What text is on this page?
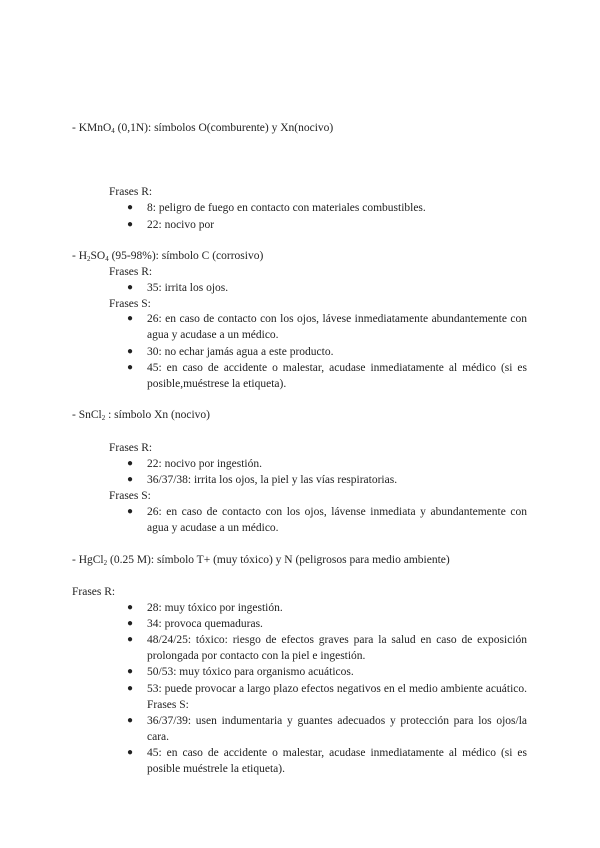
- KMnO$_4$ (0,1N): símbolos O(comburente) y Xn(nocivo)
Frases R:
● 8: peligro de fuego en contacto con materiales combustibles.
● 22: nocivo por
- $H_2SO_4$ (95-98%): símbolo C (corrosivo)
Frases R:
● 35: irrita los ojos.
Frases S:
● 26: en caso de contacto con los ojos, lávese inmediatamente abundantemente con agua y acudase a un médico.
● 30: no echar jamás agua a este producto.
● 45: en caso de accidente o malestar, acudase inmediatamente al médico (si es posible,muéstrese la etiqueta).
- SnCl$_2$ : símbolo Xn (nocivo)
Frases R:
● 22: nocivo por ingestión.
● 36/37/38: irrita los ojos, la piel y las vías respiratorias.
Frases S:
● 26: en caso de contacto con los ojos, lávense inmediata y abundantemente con agua y acudase a un médico.
- HgCl$_2$ (0.25 M): símbolo T+ (muy tóxico) y N (peligrosos para medio ambiente)
Frases R:
● 28: muy tóxico por ingestión.
● 34: provoca quemaduras.
● 48/24/25: tóxico: riesgo de efectos graves para la salud en caso de exposición prolongada por contacto con la piel e ingestión.
● 50/53: muy tóxico para organismo acuáticos.
● 53: puede provocar a largo plazo efectos negativos en el medio ambiente acuático. Frases S:
● 36/37/39: usen indumentaria y guantes adecuados y protección para los ojos/la cara.
● 45: en caso de accidente o malestar, acudase inmediatamente al médico (si es posible muéstrele la etiqueta).
